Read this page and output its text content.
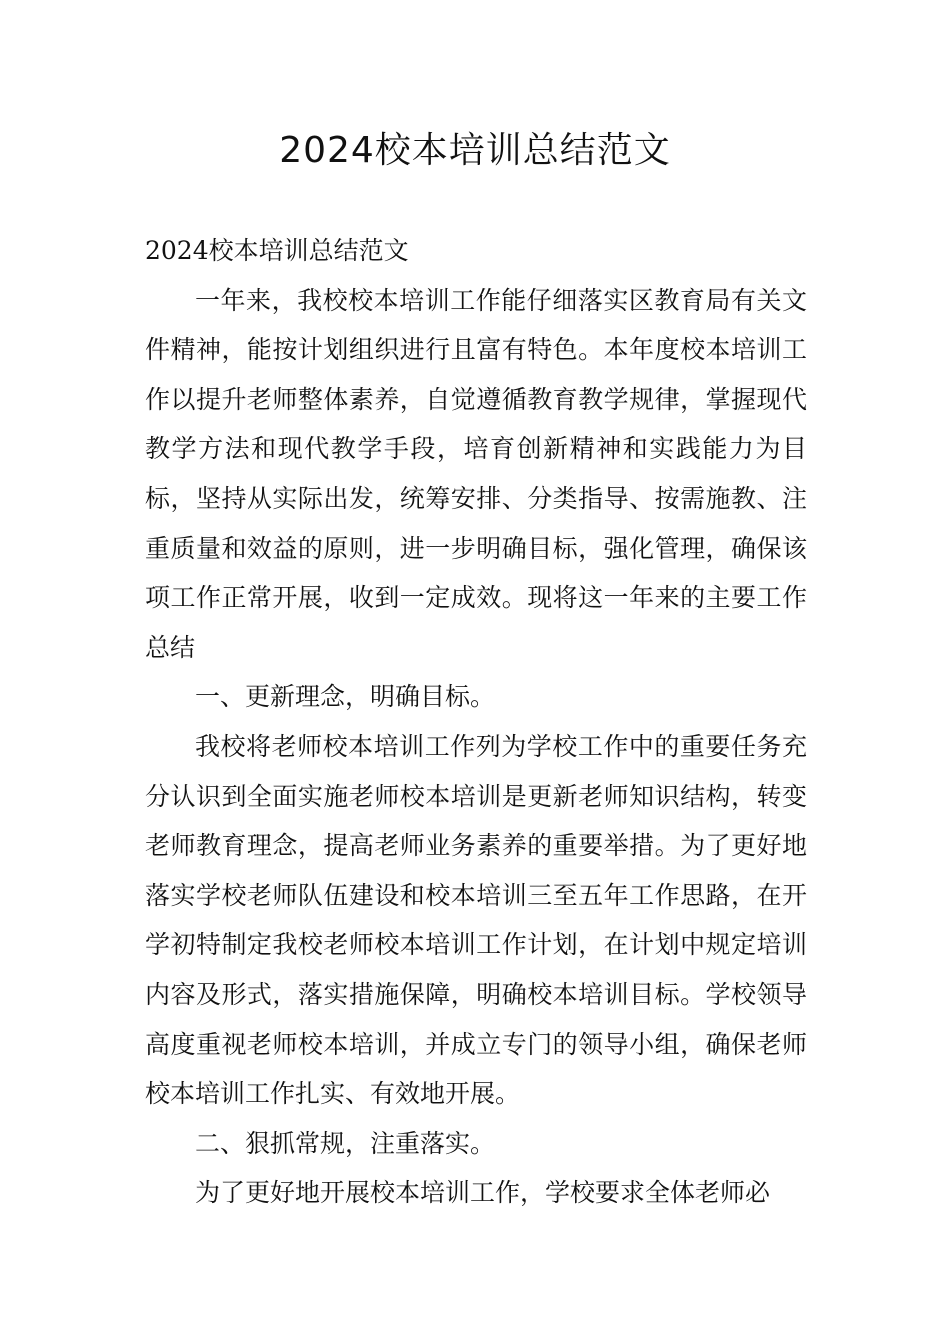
2024校本培训总结范文

2024校本培训总结范文

一年来，我校校本培训工作能仔细落实区教育局有关文件精神，能按计划组织进行且富有特色。本年度校本培训工作以提升老师整体素养，自觉遵循教育教学规律，掌握现代教学方法和现代教学手段，培育创新精神和实践能力为目标，坚持从实际出发，统筹安排、分类指导、按需施教、注重质量和效益的原则，进一步明确目标，强化管理，确保该项工作正常开展，收到一定成效。现将这一年来的主要工作总结

一、更新理念，明确目标。

我校将老师校本培训工作列为学校工作中的重要任务充分认识到全面实施老师校本培训是更新老师知识结构，转变老师教育理念，提高老师业务素养的重要举措。为了更好地落实学校老师队伍建设和校本培训三至五年工作思路，在开学初特制定我校老师校本培训工作计划，在计划中规定培训内容及形式，落实措施保障，明确校本培训目标。学校领导高度重视老师校本培训，并成立专门的领导小组，确保老师校本培训工作扎实、有效地开展。

二、狠抓常规，注重落实。

为了更好地开展校本培训工作，学校要求全体老师必
